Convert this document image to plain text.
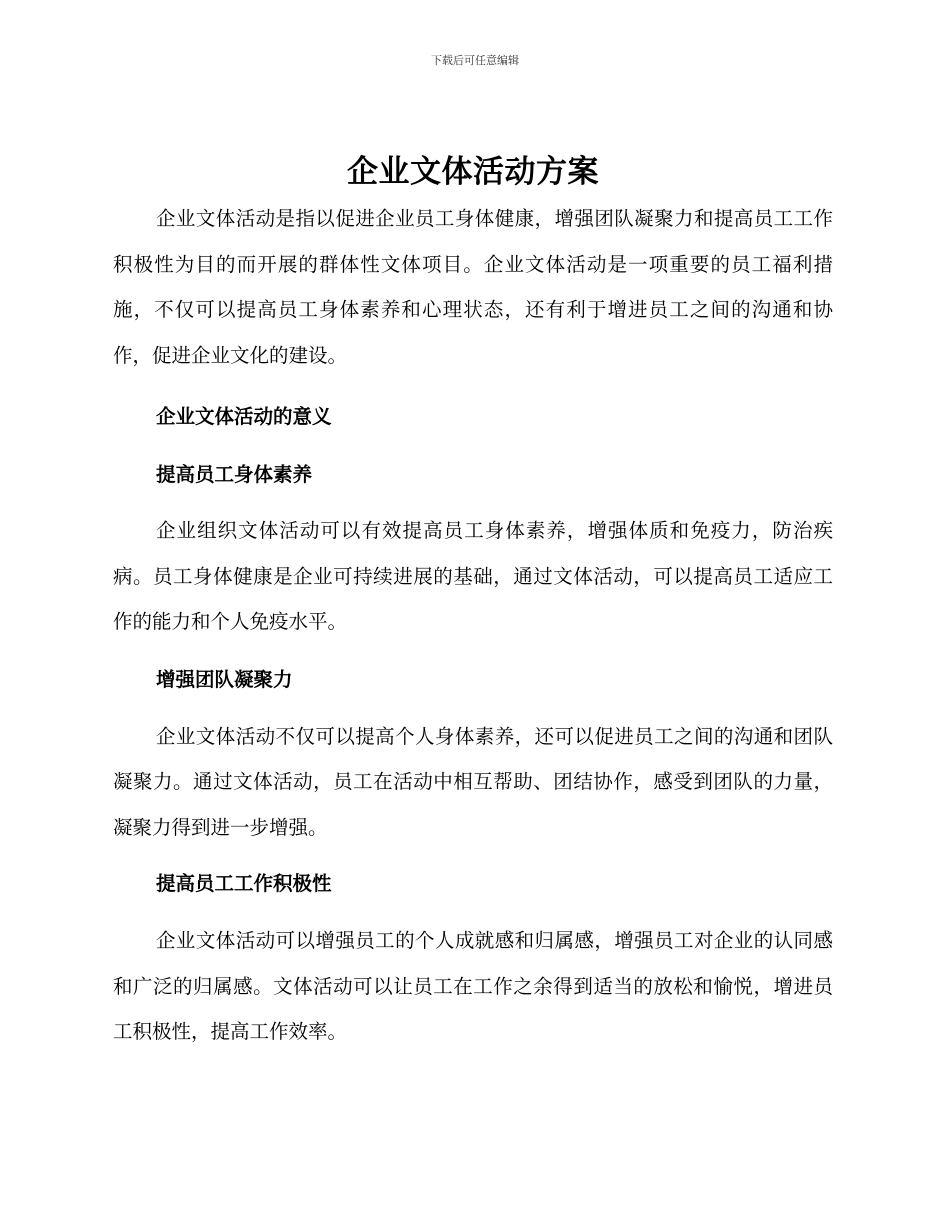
下载后可任意编辑
企业文体活动方案

企业文体活动是指以促进企业员工身体健康，增强团队凝聚力和提高员工工作积极性为目的而开展的群体性文体项目。企业文体活动是一项重要的员工福利措施，不仅可以提高员工身体素养和心理状态，还有利于增进员工之间的沟通和协作，促进企业文化的建设。

企业文体活动的意义
提高员工身体素养

企业组织文体活动可以有效提高员工身体素养，增强体质和免疫力，防治疾病。员工身体健康是企业可持续进展的基础，通过文体活动，可以提高员工适应工作的能力和个人免疫水平。

增强团队凝聚力

企业文体活动不仅可以提高个人身体素养，还可以促进员工之间的沟通和团队凝聚力。通过文体活动，员工在活动中相互帮助、团结协作，感受到团队的力量，凝聚力得到进一步增强。

提高员工工作积极性

企业文体活动可以增强员工的个人成就感和归属感，增强员工对企业的认同感和广泛的归属感。文体活动可以让员工在工作之余得到适当的放松和愉悦，增进员工积极性，提高工作效率。
